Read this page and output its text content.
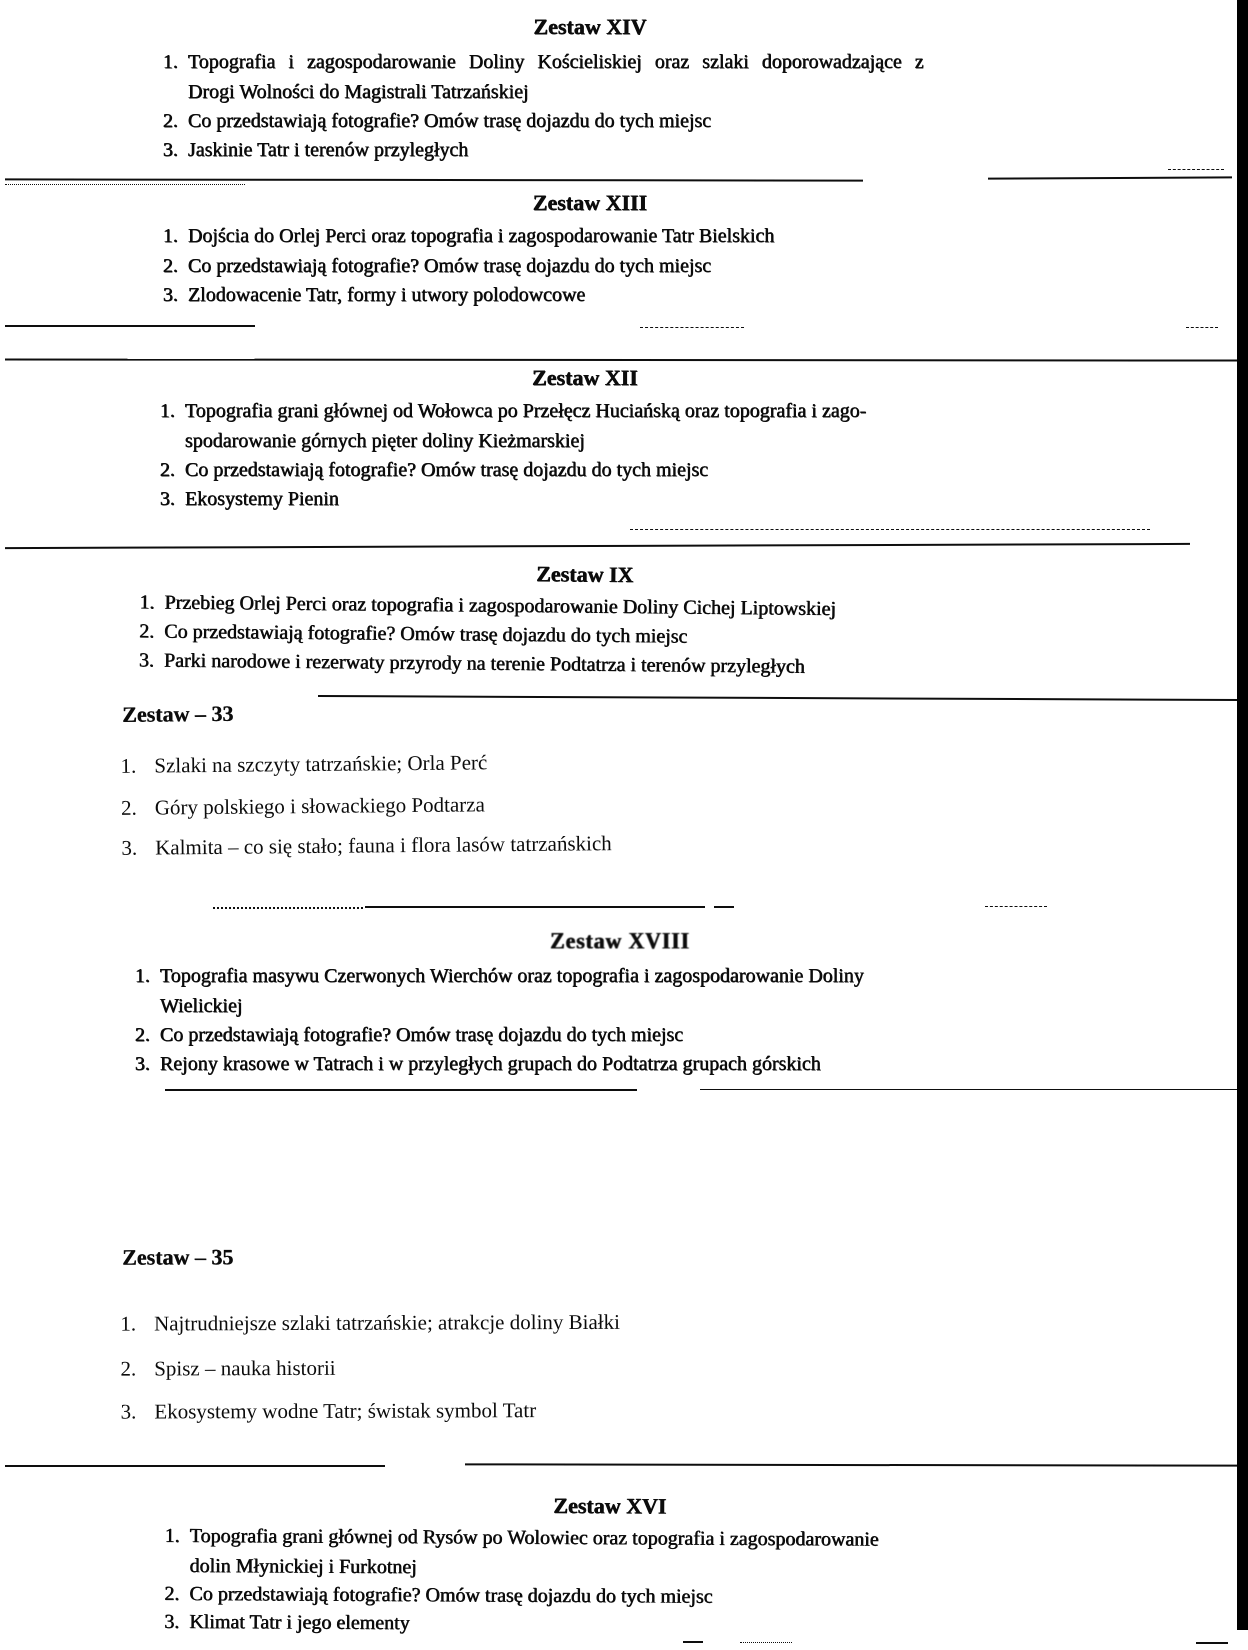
Zestaw XIV
1. Topografia i zagospodarowanie Doliny Kościeliskiej oraz szlaki doporowadzające z
Drogi Wolności do Magistrali Tatrzańskiej
2. Co przedstawiają fotografie? Omów trasę dojazdu do tych miejsc
3. Jaskinie Tatr i terenów przyległych
Zestaw XIII
1. Dojścia do Orlej Perci oraz topografia i zagospodarowanie Tatr Bielskich
2. Co przedstawiają fotografie? Omów trasę dojazdu do tych miejsc
3. Zlodowacenie Tatr, formy i utwory polodowcowe
Zestaw XII
1. Topografia grani głównej od Wołowca po Przełęcz Huciańską oraz topografia i zago-
spodarowanie górnych pięter doliny Kieżmarskiej
2. Co przedstawiają fotografie? Omów trasę dojazdu do tych miejsc
3. Ekosystemy Pienin
Zestaw IX
1. Przebieg Orlej Perci oraz topografia i zagospodarowanie Doliny Cichej Liptowskiej
2. Co przedstawiają fotografie? Omów trasę dojazdu do tych miejsc
3. Parki narodowe i rezerwaty przyrody na terenie Podtatrza i terenów przyległych
Zestaw – 33
1. Szlaki na szczyty tatrzańskie; Orla Perć
2. Góry polskiego i słowackiego Podtarza
3. Kalmita – co się stało; fauna i flora lasów tatrzańskich
Zestaw XVIII
1. Topografia masywu Czerwonych Wierchów oraz topografia i zagospodarowanie Doliny
Wielickiej
2. Co przedstawiają fotografie? Omów trasę dojazdu do tych miejsc
3. Rejony krasowe w Tatrach i w przyległych grupach do Podtatrza grupach górskich
Zestaw – 35
1. Najtrudniejsze szlaki tatrzańskie; atrakcje doliny Białki
2. Spisz – nauka historii
3. Ekosystemy wodne Tatr; świstak symbol Tatr
Zestaw XVI
1. Topografia grani głównej od Rysów po Wolowiec oraz topografia i zagospodarowanie
dolin Młynickiej i Furkotnej
2. Co przedstawiają fotografie? Omów trasę dojazdu do tych miejsc
3. Klimat Tatr i jego elementy
